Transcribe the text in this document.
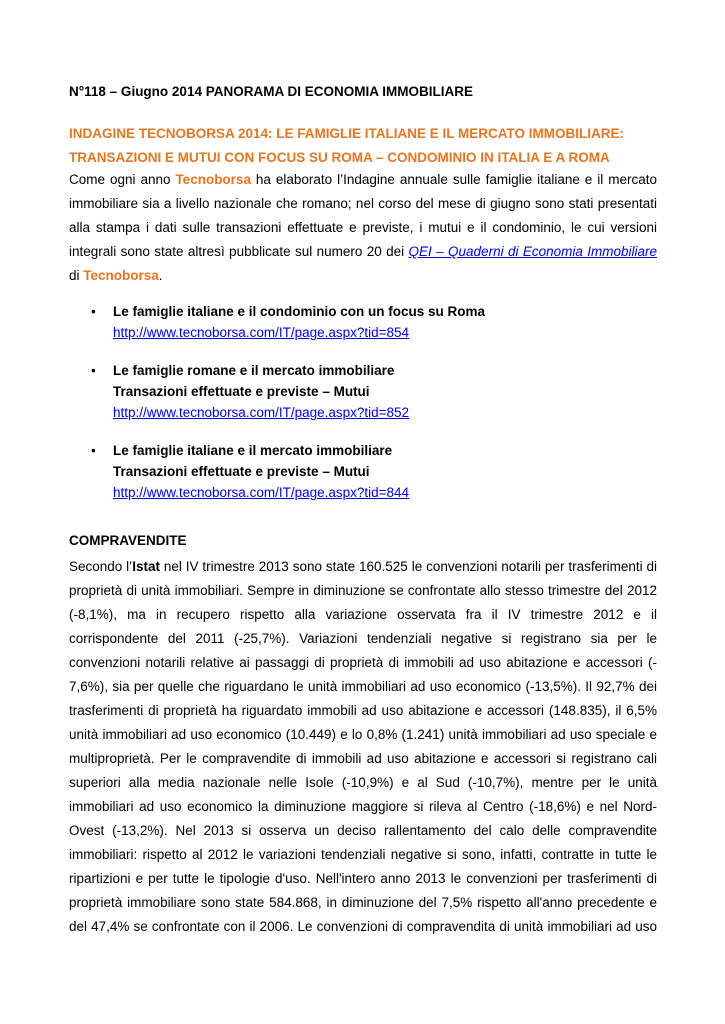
N°118 – Giugno 2014 PANORAMA DI ECONOMIA IMMOBILIARE
INDAGINE TECNOBORSA 2014: LE FAMIGLIE ITALIANE E IL MERCATO IMMOBILIARE:
TRANSAZIONI E MUTUI CON FOCUS SU ROMA – CONDOMINIO IN ITALIA E A ROMA
Come ogni anno Tecnoborsa ha elaborato l’Indagine annuale sulle famiglie italiane e il mercato
immobiliare sia a livello nazionale che romano; nel corso del mese di giugno sono stati presentati
alla stampa i dati sulle transazioni effettuate e previste, i mutui e il condominio, le cui versioni
integrali sono state altresì pubblicate sul numero 20 dei QEI – Quaderni di Economia Immobiliare
di Tecnoborsa.
• Le famiglie italiane e il condominio con un focus su Roma
http://www.tecnoborsa.com/IT/page.aspx?tid=854
• Le famiglie romane e il mercato immobiliare
Transazioni effettuate e previste – Mutui
http://www.tecnoborsa.com/IT/page.aspx?tid=852
• Le famiglie italiane e il mercato immobiliare
Transazioni effettuate e previste – Mutui
http://www.tecnoborsa.com/IT/page.aspx?tid=844
COMPRAVENDITE
Secondo l’Istat nel IV trimestre 2013 sono state 160.525 le convenzioni notarili per trasferimenti di
proprietà di unità immobiliari. Sempre in diminuzione se confrontate allo stesso trimestre del 2012
(-8,1%), ma in recupero rispetto alla variazione osservata fra il IV trimestre 2012 e il
corrispondente del 2011 (-25,7%). Variazioni tendenziali negative si registrano sia per le
convenzioni notarili relative ai passaggi di proprietà di immobili ad uso abitazione e accessori (-
7,6%), sia per quelle che riguardano le unità immobiliari ad uso economico (-13,5%). Il 92,7% dei
trasferimenti di proprietà ha riguardato immobili ad uso abitazione e accessori (148.835), il 6,5%
unità immobiliari ad uso economico (10.449) e lo 0,8% (1.241) unità immobiliari ad uso speciale e
multiproprietà. Per le compravendite di immobili ad uso abitazione e accessori si registrano cali
superiori alla media nazionale nelle Isole (-10,9%) e al Sud (-10,7%), mentre per le unità
immobiliari ad uso economico la diminuzione maggiore si rileva al Centro (-18,6%) e nel Nord-
Ovest (-13,2%). Nel 2013 si osserva un deciso rallentamento del calo delle compravendite
immobiliari: rispetto al 2012 le variazioni tendenziali negative si sono, infatti, contratte in tutte le
ripartizioni e per tutte le tipologie d'uso. Nell'intero anno 2013 le convenzioni per trasferimenti di
proprietà immobiliare sono state 584.868, in diminuzione del 7,5% rispetto all'anno precedente e
del 47,4% se confrontate con il 2006. Le convenzioni di compravendita di unità immobiliari ad uso
